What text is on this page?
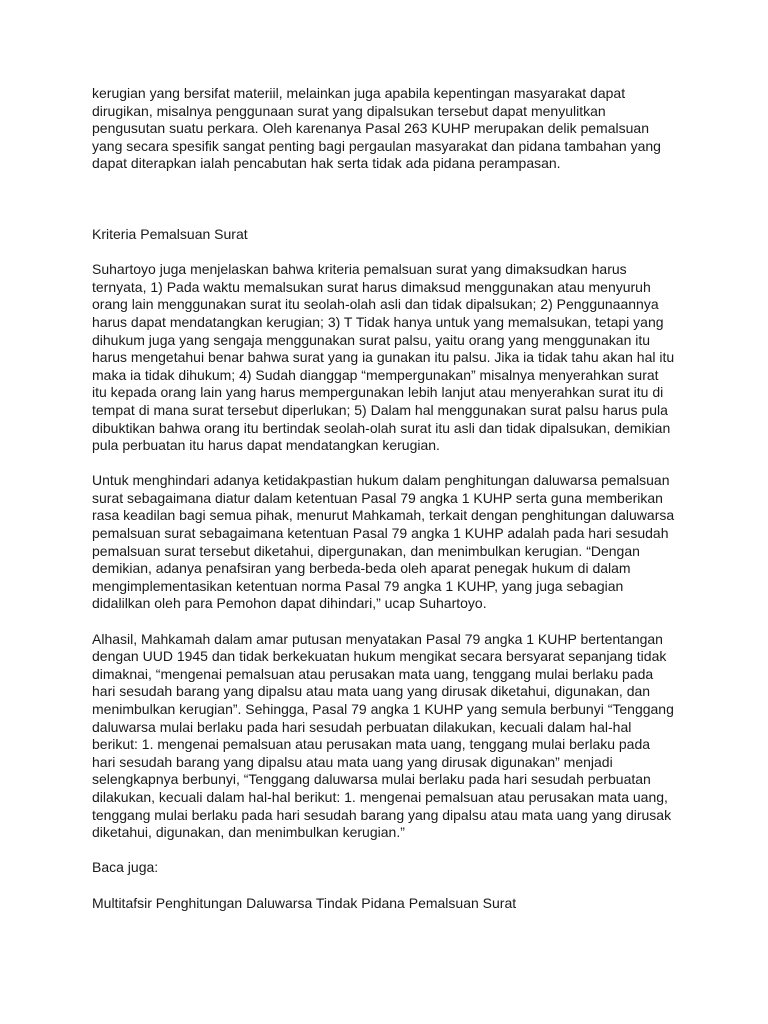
kerugian yang bersifat materiil, melainkan juga apabila kepentingan masyarakat dapat dirugikan, misalnya penggunaan surat yang dipalsukan tersebut dapat menyulitkan pengusutan suatu perkara. Oleh karenanya Pasal 263 KUHP merupakan delik pemalsuan yang secara spesifik sangat penting bagi pergaulan masyarakat dan pidana tambahan yang dapat diterapkan ialah pencabutan hak serta tidak ada pidana perampasan.

Kriteria Pemalsuan Surat

Suhartoyo juga menjelaskan bahwa kriteria pemalsuan surat yang dimaksudkan harus ternyata, 1) Pada waktu memalsukan surat harus dimaksud menggunakan atau menyuruh orang lain menggunakan surat itu seolah-olah asli dan tidak dipalsukan; 2) Penggunaannya harus dapat mendatangkan kerugian; 3) T Tidak hanya untuk yang memalsukan, tetapi yang dihukum juga yang sengaja menggunakan surat palsu, yaitu orang yang menggunakan itu harus mengetahui benar bahwa surat yang ia gunakan itu palsu. Jika ia tidak tahu akan hal itu maka ia tidak dihukum; 4) Sudah dianggap “mempergunakan” misalnya menyerahkan surat itu kepada orang lain yang harus mempergunakan lebih lanjut atau menyerahkan surat itu di tempat di mana surat tersebut diperlukan; 5) Dalam hal menggunakan surat palsu harus pula dibuktikan bahwa orang itu bertindak seolah-olah surat itu asli dan tidak dipalsukan, demikian pula perbuatan itu harus dapat mendatangkan kerugian.

Untuk menghindari adanya ketidakpastian hukum dalam penghitungan daluwarsa pemalsuan surat sebagaimana diatur dalam ketentuan Pasal 79 angka 1 KUHP serta guna memberikan rasa keadilan bagi semua pihak, menurut Mahkamah, terkait dengan penghitungan daluwarsa pemalsuan surat sebagaimana ketentuan Pasal 79 angka 1 KUHP adalah pada hari sesudah pemalsuan surat tersebut diketahui, dipergunakan, dan menimbulkan kerugian. “Dengan demikian, adanya penafsiran yang berbeda-beda oleh aparat penegak hukum di dalam mengimplementasikan ketentuan norma Pasal 79 angka 1 KUHP, yang juga sebagian didalilkan oleh para Pemohon dapat dihindari,” ucap Suhartoyo.

Alhasil, Mahkamah dalam amar putusan menyatakan Pasal 79 angka 1 KUHP bertentangan dengan UUD 1945 dan tidak berkekuatan hukum mengikat secara bersyarat sepanjang tidak dimaknai, “mengenai pemalsuan atau perusakan mata uang, tenggang mulai berlaku pada hari sesudah barang yang dipalsu atau mata uang yang dirusak diketahui, digunakan, dan menimbulkan kerugian”. Sehingga, Pasal 79 angka 1 KUHP yang semula berbunyi “Tenggang daluwarsa mulai berlaku pada hari sesudah perbuatan dilakukan, kecuali dalam hal-hal berikut: 1. mengenai pemalsuan atau perusakan mata uang, tenggang mulai berlaku pada hari sesudah barang yang dipalsu atau mata uang yang dirusak digunakan” menjadi selengkapnya berbunyi, “Tenggang daluwarsa mulai berlaku pada hari sesudah perbuatan dilakukan, kecuali dalam hal-hal berikut: 1. mengenai pemalsuan atau perusakan mata uang, tenggang mulai berlaku pada hari sesudah barang yang dipalsu atau mata uang yang dirusak diketahui, digunakan, dan menimbulkan kerugian.”

Baca juga:

Multitafsir Penghitungan Daluwarsa Tindak Pidana Pemalsuan Surat
